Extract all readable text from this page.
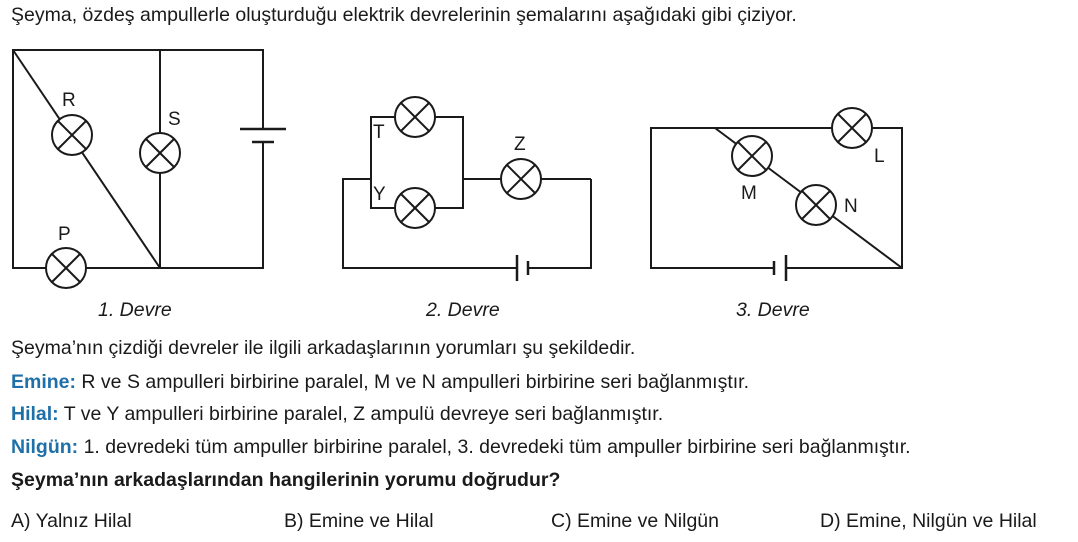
Şeyma, özdeş ampullerle oluşturduğu elektrik devrelerinin şemalarını aşağıdaki gibi çiziyor.
R
S
P
T
Y
Z
L
M
N
1. Devre	2. Devre	3. Devre
Şeyma’nın çizdiği devreler ile ilgili arkadaşlarının yorumları şu şekildedir.
Emine: R ve S ampulleri birbirine paralel, M ve N ampulleri birbirine seri bağlanmıştır.
Hilal: T ve Y ampulleri birbirine paralel, Z ampulü devreye seri bağlanmıştır.
Nilgün: 1. devredeki tüm ampuller birbirine paralel, 3. devredeki tüm ampuller birbirine seri bağlanmıştır.
Şeyma’nın arkadaşlarından hangilerinin yorumu doğrudur?
A) Yalnız Hilal	B) Emine ve Hilal	C) Emine ve Nilgün	D) Emine, Nilgün ve Hilal
